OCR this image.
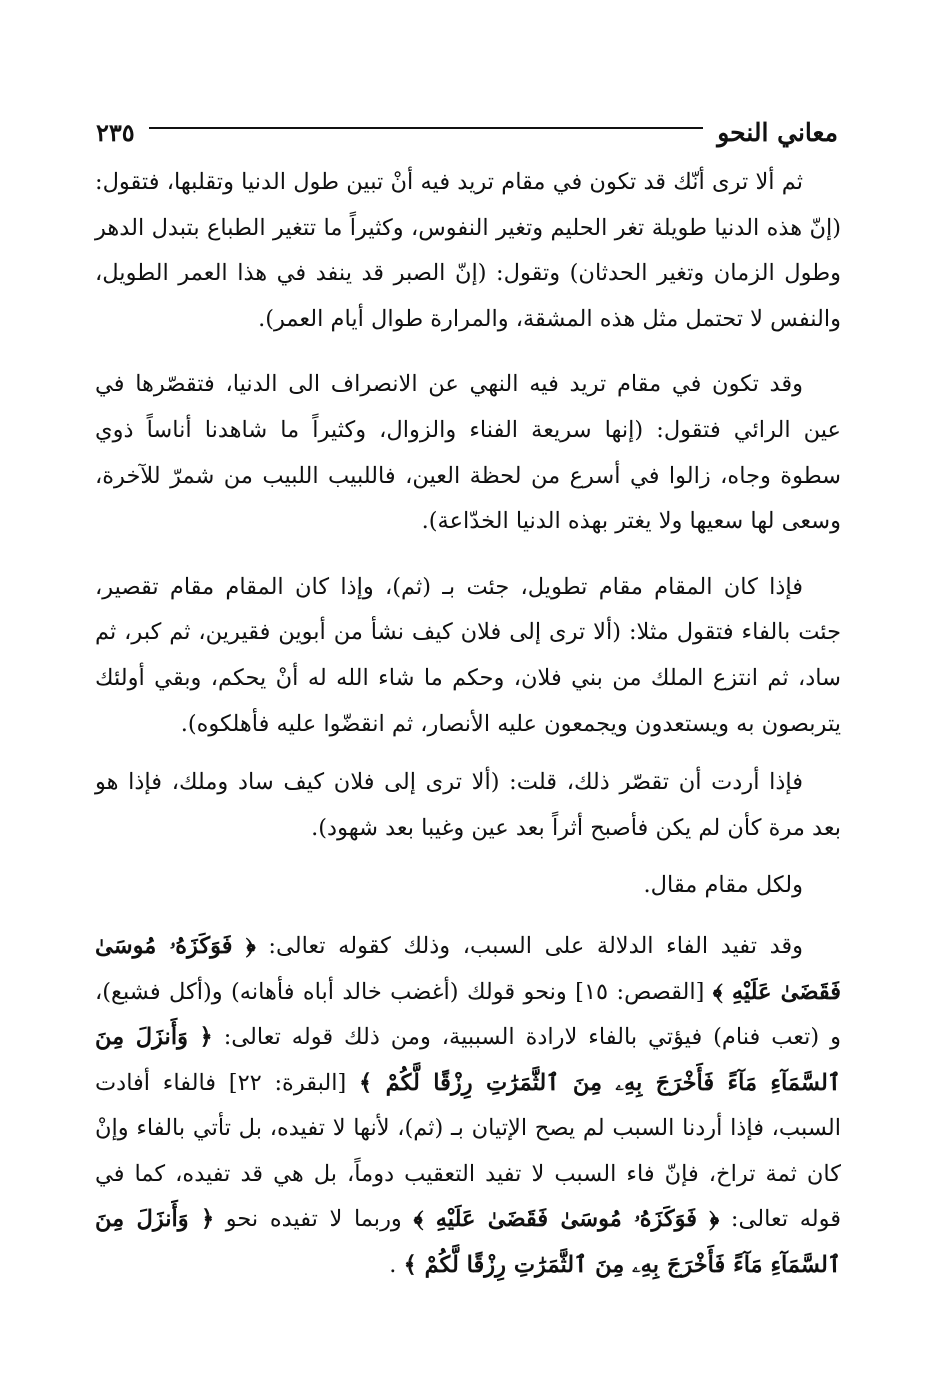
معاني النحو
٢٣٥

ثم ألا ترى أنّك قد تكون في مقام تريد فيه أنْ تبين طول الدنيا وتقلبها، فتقول: (إنّ هذه الدنيا طويلة تغر الحليم وتغير النفوس، وكثيراً ما تتغير الطباع بتبدل الدهر وطول الزمان وتغير الحدثان) وتقول: (إنّ الصبر قد ينفد في هذا العمر الطويل، والنفس لا تحتمل مثل هذه المشقة، والمرارة طوال أيام العمر).

وقد تكون في مقام تريد فيه النهي عن الانصراف الى الدنيا، فتقصّرها في عين الرائي فتقول: (إنها سريعة الفناء والزوال، وكثيراً ما شاهدنا أناساً ذوي سطوة وجاه، زالوا في أسرع من لحظة العين، فاللبيب اللبيب من شمرّ للآخرة، وسعى لها سعيها ولا يغتر بهذه الدنيا الخدّاعة).

فإذا كان المقام مقام تطويل، جئت بـ (ثم)، وإذا كان المقام مقام تقصير، جئت بالفاء فتقول مثلا: (ألا ترى إلى فلان كيف نشأ من أبوين فقيرين، ثم كبر، ثم ساد، ثم انتزع الملك من بني فلان، وحكم ما شاء الله له أنْ يحكم، وبقي أولئك يتربصون به ويستعدون ويجمعون عليه الأنصار، ثم انقضّوا عليه فأهلكوه).

فإذا أردت أن تقصّر ذلك، قلت: (ألا ترى إلى فلان كيف ساد وملك، فإذا هو بعد مرة كأن لم يكن فأصبح أثراً بعد عين وغيبا بعد شهود).

ولكل مقام مقال.

وقد تفيد الفاء الدلالة على السبب، وذلك كقوله تعالى: ﴿ فَوَكَزَهُۥ مُوسَىٰ فَقَضَىٰ عَلَيْهِ ﴾ [القصص: ١٥] ونحو قولك (أغضب خالد أباه فأهانه) و(أكل فشبع)، و (تعب فنام) فيؤتي بالفاء لارادة السببية، ومن ذلك قوله تعالى: ﴿ وَأَنزَلَ مِنَ ٱلسَّمَآءِ مَآءً فَأَخْرَجَ بِهِۦ مِنَ ٱلثَّمَرَٰتِ رِزْقًا لَّكُمْ ﴾ [البقرة: ٢٢] فالفاء أفادت السبب، فإذا أردنا السبب لم يصح الإتيان بـ (ثم)، لأنها لا تفيده، بل تأتي بالفاء وإنْ كان ثمة تراخ، فإنّ فاء السبب لا تفيد التعقيب دوماً، بل هي قد تفيده، كما في قوله تعالى: ﴿ فَوَكَزَهُۥ مُوسَىٰ فَقَضَىٰ عَلَيْهِ ﴾ وربما لا تفيده نحو ﴿ وَأَنزَلَ مِنَ ٱلسَّمَآءِ مَآءً فَأَخْرَجَ بِهِۦ مِنَ ٱلثَّمَرَٰتِ رِزْقًا لَّكُمْ ﴾ .
